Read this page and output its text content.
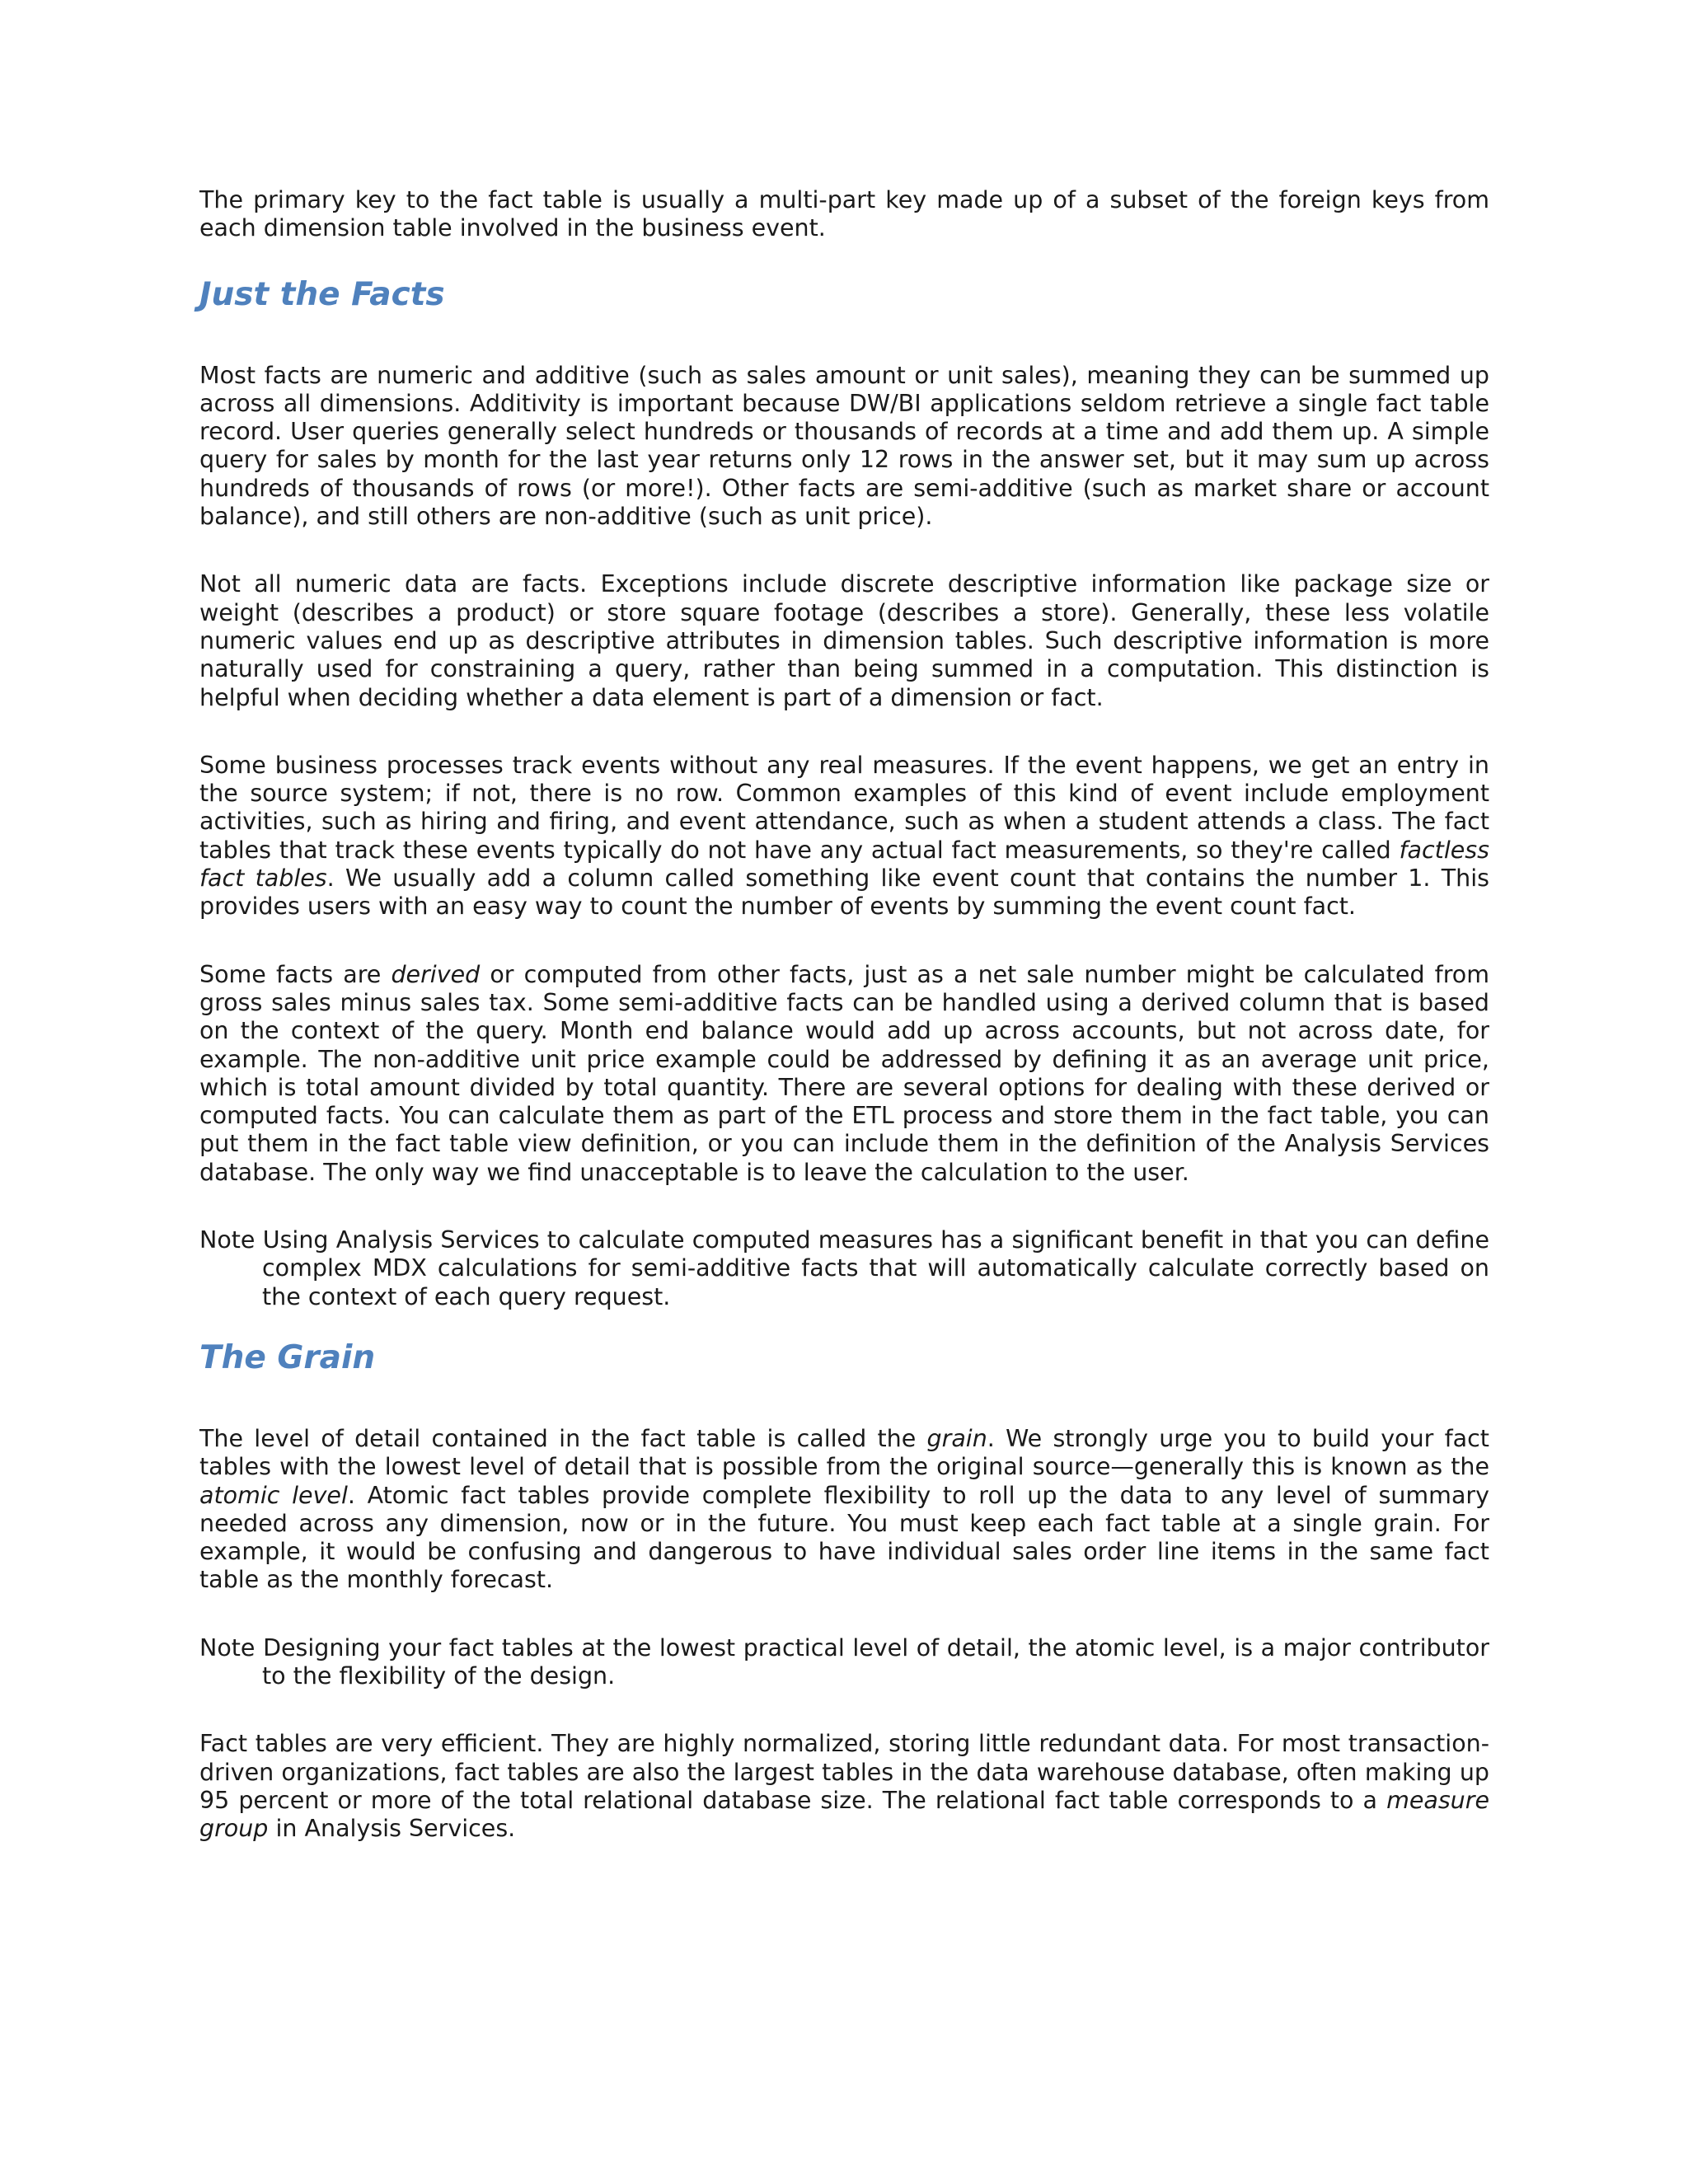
The primary key to the fact table is usually a multi-part key made up of a subset of the foreign keys from each dimension table involved in the business event.

Just the Facts

Most facts are numeric and additive (such as sales amount or unit sales), meaning they can be summed up across all dimensions. Additivity is important because DW/BI applications seldom retrieve a single fact table record. User queries generally select hundreds or thousands of records at a time and add them up. A simple query for sales by month for the last year returns only 12 rows in the answer set, but it may sum up across hundreds of thousands of rows (or more!). Other facts are semi-additive (such as market share or account balance), and still others are non-additive (such as unit price).

Not all numeric data are facts. Exceptions include discrete descriptive information like package size or weight (describes a product) or store square footage (describes a store). Generally, these less volatile numeric values end up as descriptive attributes in dimension tables. Such descriptive information is more naturally used for constraining a query, rather than being summed in a computation. This distinction is helpful when deciding whether a data element is part of a dimension or fact.

Some business processes track events without any real measures. If the event happens, we get an entry in the source system; if not, there is no row. Common examples of this kind of event include employment activities, such as hiring and firing, and event attendance, such as when a student attends a class. The fact tables that track these events typically do not have any actual fact measurements, so they're called factless fact tables. We usually add a column called something like event count that contains the number 1. This provides users with an easy way to count the number of events by summing the event count fact.

Some facts are derived or computed from other facts, just as a net sale number might be calculated from gross sales minus sales tax. Some semi-additive facts can be handled using a derived column that is based on the context of the query. Month end balance would add up across accounts, but not across date, for example. The non-additive unit price example could be addressed by defining it as an average unit price, which is total amount divided by total quantity. There are several options for dealing with these derived or computed facts. You can calculate them as part of the ETL process and store them in the fact table, you can put them in the fact table view definition, or you can include them in the definition of the Analysis Services database. The only way we find unacceptable is to leave the calculation to the user.

Note Using Analysis Services to calculate computed measures has a significant benefit in that you can define complex MDX calculations for semi-additive facts that will automatically calculate correctly based on the context of each query request.

The Grain

The level of detail contained in the fact table is called the grain. We strongly urge you to build your fact tables with the lowest level of detail that is possible from the original source—generally this is known as the atomic level. Atomic fact tables provide complete flexibility to roll up the data to any level of summary needed across any dimension, now or in the future. You must keep each fact table at a single grain. For example, it would be confusing and dangerous to have individual sales order line items in the same fact table as the monthly forecast.

Note Designing your fact tables at the lowest practical level of detail, the atomic level, is a major contributor to the flexibility of the design.

Fact tables are very efficient. They are highly normalized, storing little redundant data. For most transaction-driven organizations, fact tables are also the largest tables in the data warehouse database, often making up 95 percent or more of the total relational database size. The relational fact table corresponds to a measure group in Analysis Services.
